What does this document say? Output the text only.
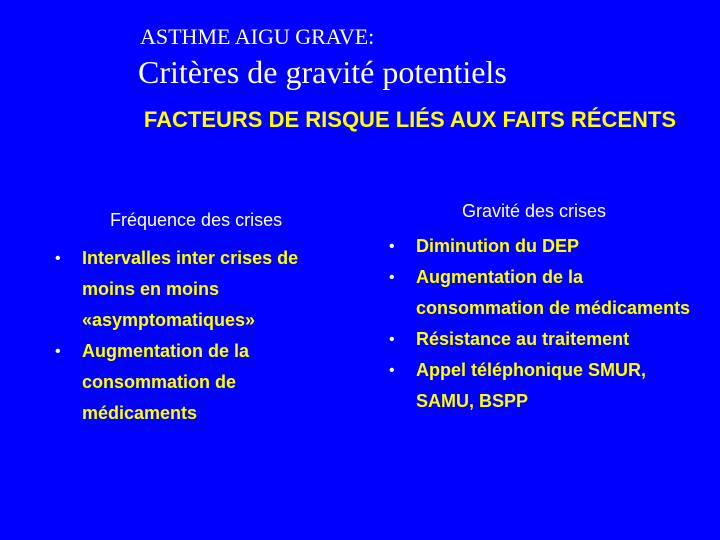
ASTHME AIGU GRAVE:
Critères de gravité potentiels
FACTEURS DE RISQUE LIÉS AUX FAITS RÉCENTS
Fréquence des crises
• Intervalles inter crises de moins en moins «asymptomatiques»
• Augmentation de la consommation de médicaments
Gravité des crises
• Diminution du DEP
• Augmentation de la consommation de médicaments
• Résistance au traitement
• Appel téléphonique SMUR, SAMU, BSPP
